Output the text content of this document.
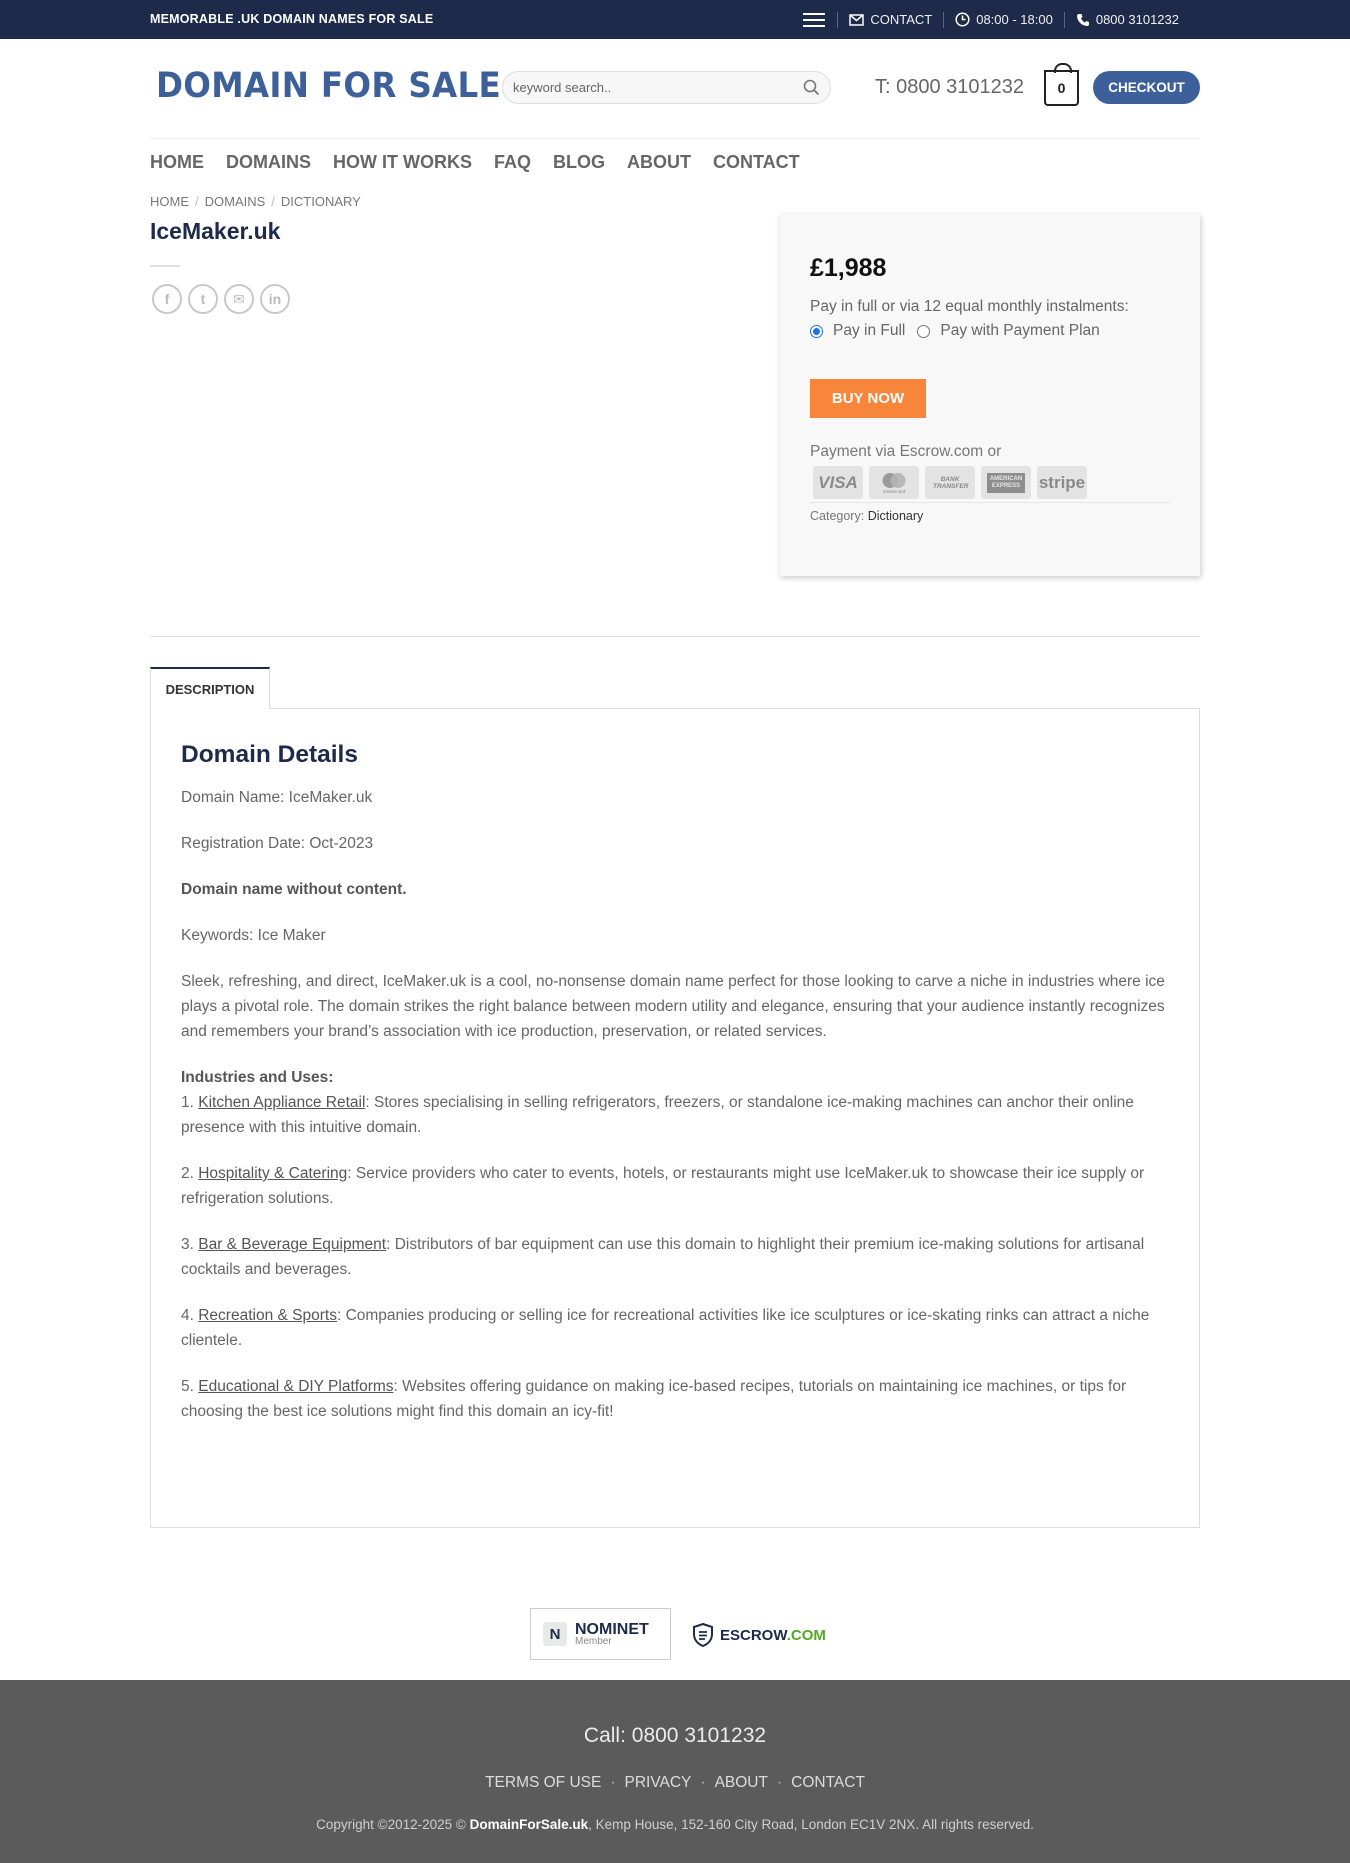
MEMORABLE .UK DOMAIN NAMES FOR SALE	CONTACT	08:00 - 18:00	0800 3101232
DOMAIN FOR SALE
keyword search..	T: 0800 3101232 0	CHECKOUT
HOME DOMAINS HOW IT WORKS FAQ BLOG ABOUT CONTACT
HOME / DOMAINS / DICTIONARY
IceMaker.uk
f	t	✉	in
£1,988
Pay in full or via 12 equal monthly instalments:
Pay in Full Pay with Payment Plan
BUY NOW
Payment via Escrow.com or
VISA	mastercard
BANK TRANSFER
AMERICAN EXPRESS stripe
Category: Dictionary
DESCRIPTION
Domain Details

Domain Name: IceMaker.uk

Registration Date: Oct-2023

Domain name without content.

Keywords: Ice Maker

Sleek, refreshing, and direct, IceMaker.uk is a cool, no-nonsense domain name perfect for those looking to carve a niche in industries where ice plays a pivotal role. The domain strikes the right balance between modern utility and elegance, ensuring that your audience instantly recognizes and remembers your brand’s association with ice production, preservation, or related services.

Industries and Uses:
1. Kitchen Appliance Retail: Stores specialising in selling refrigerators, freezers, or standalone ice-making machines can anchor their online presence with this intuitive domain.

2. Hospitality & Catering: Service providers who cater to events, hotels, or restaurants might use IceMaker.uk to showcase their ice supply or refrigeration solutions.

3. Bar & Beverage Equipment: Distributors of bar equipment can use this domain to highlight their premium ice-making solutions for artisanal cocktails and beverages.

4. Recreation & Sports: Companies producing or selling ice for recreational activities like ice sculptures or ice-skating rinks can attract a niche clientele.

5. Educational & DIY Platforms: Websites offering guidance on making ice-based recipes, tutorials on maintaining ice machines, or tips for choosing the best ice solutions might find this domain an icy-fit!

N NOMINET
Member	ESCROW.COM
Call: 0800 3101232
TERMS OF USE · PRIVACY · ABOUT · CONTACT
Copyright ©2012-2025 © DomainForSale.uk, Kemp House, 152-160 City Road, London EC1V 2NX. All rights reserved.
